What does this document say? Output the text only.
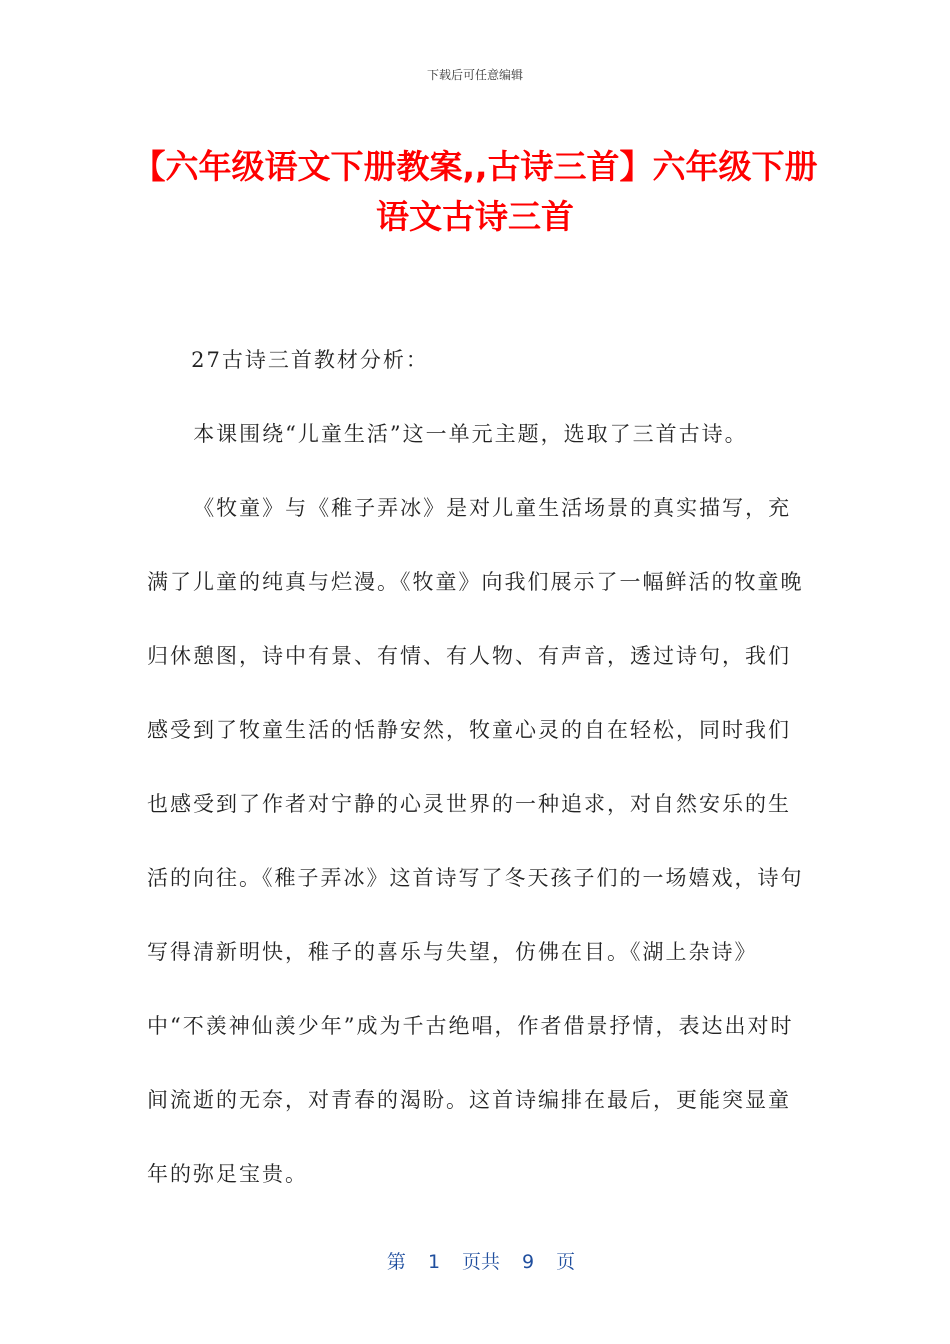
下载后可任意编辑
【六年级语文下册教案,,古诗三首】六年级下册语文古诗三首

27古诗三首教材分析：

本课围绕“儿童生活”这一单元主题，选取了三首古诗。

《牧童》与《稚子弄冰》是对儿童生活场景的真实描写，充满了儿童的纯真与烂漫。《牧童》向我们展示了一幅鲜活的牧童晚归休憩图，诗中有景、有情、有人物、有声音，透过诗句，我们感受到了牧童生活的恬静安然，牧童心灵的自在轻松，同时我们也感受到了作者对宁静的心灵世界的一种追求，对自然安乐的生活的向往。《稚子弄冰》这首诗写了冬天孩子们的一场嬉戏，诗句写得清新明快，稚子的喜乐与失望，仿佛在目。《湖上杂诗》中“不羡神仙羡少年”成为千古绝唱，作者借景抒情，表达出对时间流逝的无奈，对青春的渴盼。这首诗编排在最后，更能突显童年的弥足宝贵。

第 1 页共 9 页
